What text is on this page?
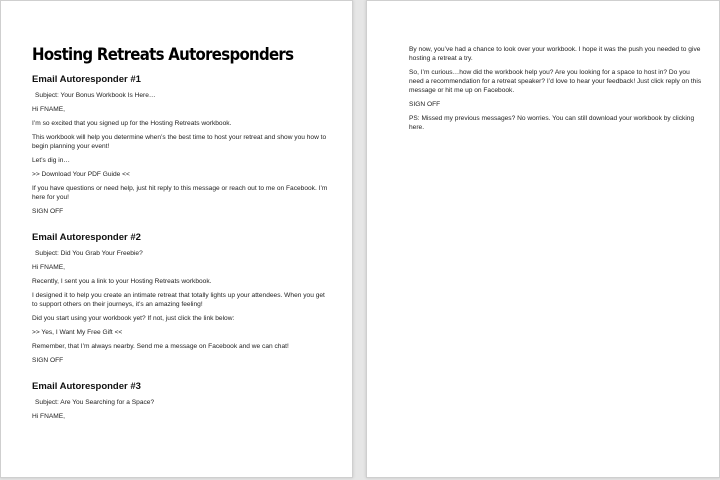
Hosting Retreats Autoresponders
Email Autoresponder #1
Subject: Your Bonus Workbook Is Here…
Hi FNAME,
I’m so excited that you signed up for the Hosting Retreats workbook.
This workbook will help you determine when’s the best time to host your retreat and show you how to begin planning your event!
Let’s dig in…
>> Download Your PDF Guide <<
If you have questions or need help, just hit reply to this message or reach out to me on Facebook. I’m here for you!
SIGN OFF
Email Autoresponder #2
Subject: Did You Grab Your Freebie?
Hi FNAME,
Recently, I sent you a link to your Hosting Retreats workbook.
I designed it to help you create an intimate retreat that totally lights up your attendees. When you get to support others on their journeys, it’s an amazing feeling!
Did you start using your workbook yet? If not, just click the link below:
>> Yes, I Want My Free Gift <<
Remember, that I’m always nearby. Send me a message on Facebook and we can chat!
SIGN OFF
Email Autoresponder #3
Subject: Are You Searching for a Space?
Hi FNAME,
By now, you’ve had a chance to look over your workbook. I hope it was the push you needed to give hosting a retreat a try.
So, I’m curious…how did the workbook help you? Are you looking for a space to host in? Do you need a recommendation for a retreat speaker? I’d love to hear your feedback! Just click reply on this message or hit me up on Facebook.
SIGN OFF
PS: Missed my previous messages? No worries. You can still download your workbook by clicking here.
